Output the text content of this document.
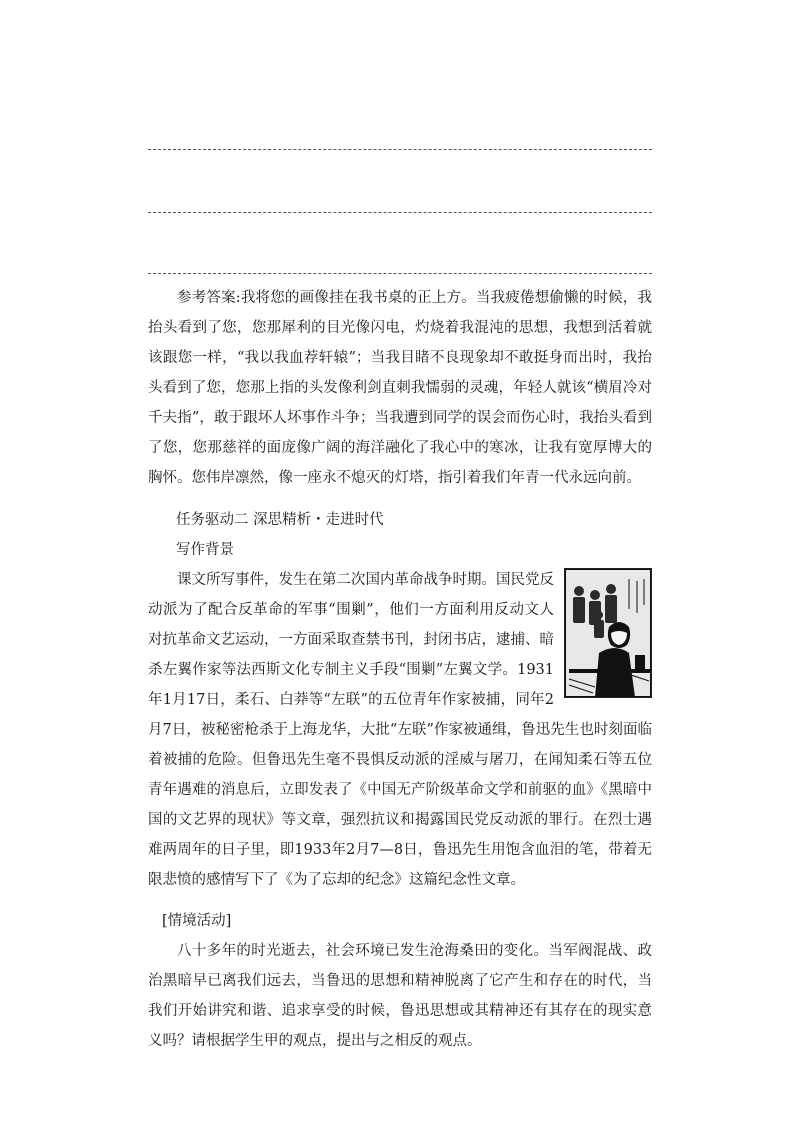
参考答案:我将您的画像挂在我书桌的正上方。当我疲倦想偷懒的时候，我抬头看到了您，您那犀利的目光像闪电，灼烧着我混沌的思想，我想到活着就该跟您一样，“我以我血荐轩辕”；当我目睹不良现象却不敢挺身而出时，我抬头看到了您，您那上指的头发像利剑直刺我懦弱的灵魂，年轻人就该“横眉冷对千夫指”，敢于跟坏人坏事作斗争；当我遭到同学的误会而伤心时，我抬头看到了您，您那慈祥的面庞像广阔的海洋融化了我心中的寒冰，让我有宽厚博大的胸怀。您伟岸凛然，像一座永不熄灭的灯塔，指引着我们年青一代永远向前。

任务驱动二 深思精析・走进时代
写作背景

课文所写事件，发生在第二次国内革命战争时期。国民党反动派为了配合反革命的军事“围剿”，他们一方面利用反动文人对抗革命文艺运动，一方面采取查禁书刊，封闭书店，逮捕、暗杀左翼作家等法西斯文化专制主义手段“围剿”左翼文学。1931年1月17日，柔石、白莽等“左联”的五位青年作家被捕，同年2月7日，被秘密枪杀于上海龙华，大批“左联”作家被通缉，鲁迅先生也时刻面临着被捕的危险。但鲁迅先生毫不畏惧反动派的淫威与屠刀，在闻知柔石等五位青年遇难的消息后，立即发表了《中国无产阶级革命文学和前驱的血》《黑暗中国的文艺界的现状》等文章，强烈抗议和揭露国民党反动派的罪行。在烈士遇难两周年的日子里，即1933年2月7—8日，鲁迅先生用饱含血泪的笔，带着无限悲愤的感情写下了《为了忘却的纪念》这篇纪念性文章。

[情境活动]

八十多年的时光逝去，社会环境已发生沧海桑田的变化。当军阀混战、政治黑暗早已离我们远去，当鲁迅的思想和精神脱离了它产生和存在的时代，当我们开始讲究和谐、追求享受的时候，鲁迅思想或其精神还有其存在的现实意义吗？请根据学生甲的观点，提出与之相反的观点。
